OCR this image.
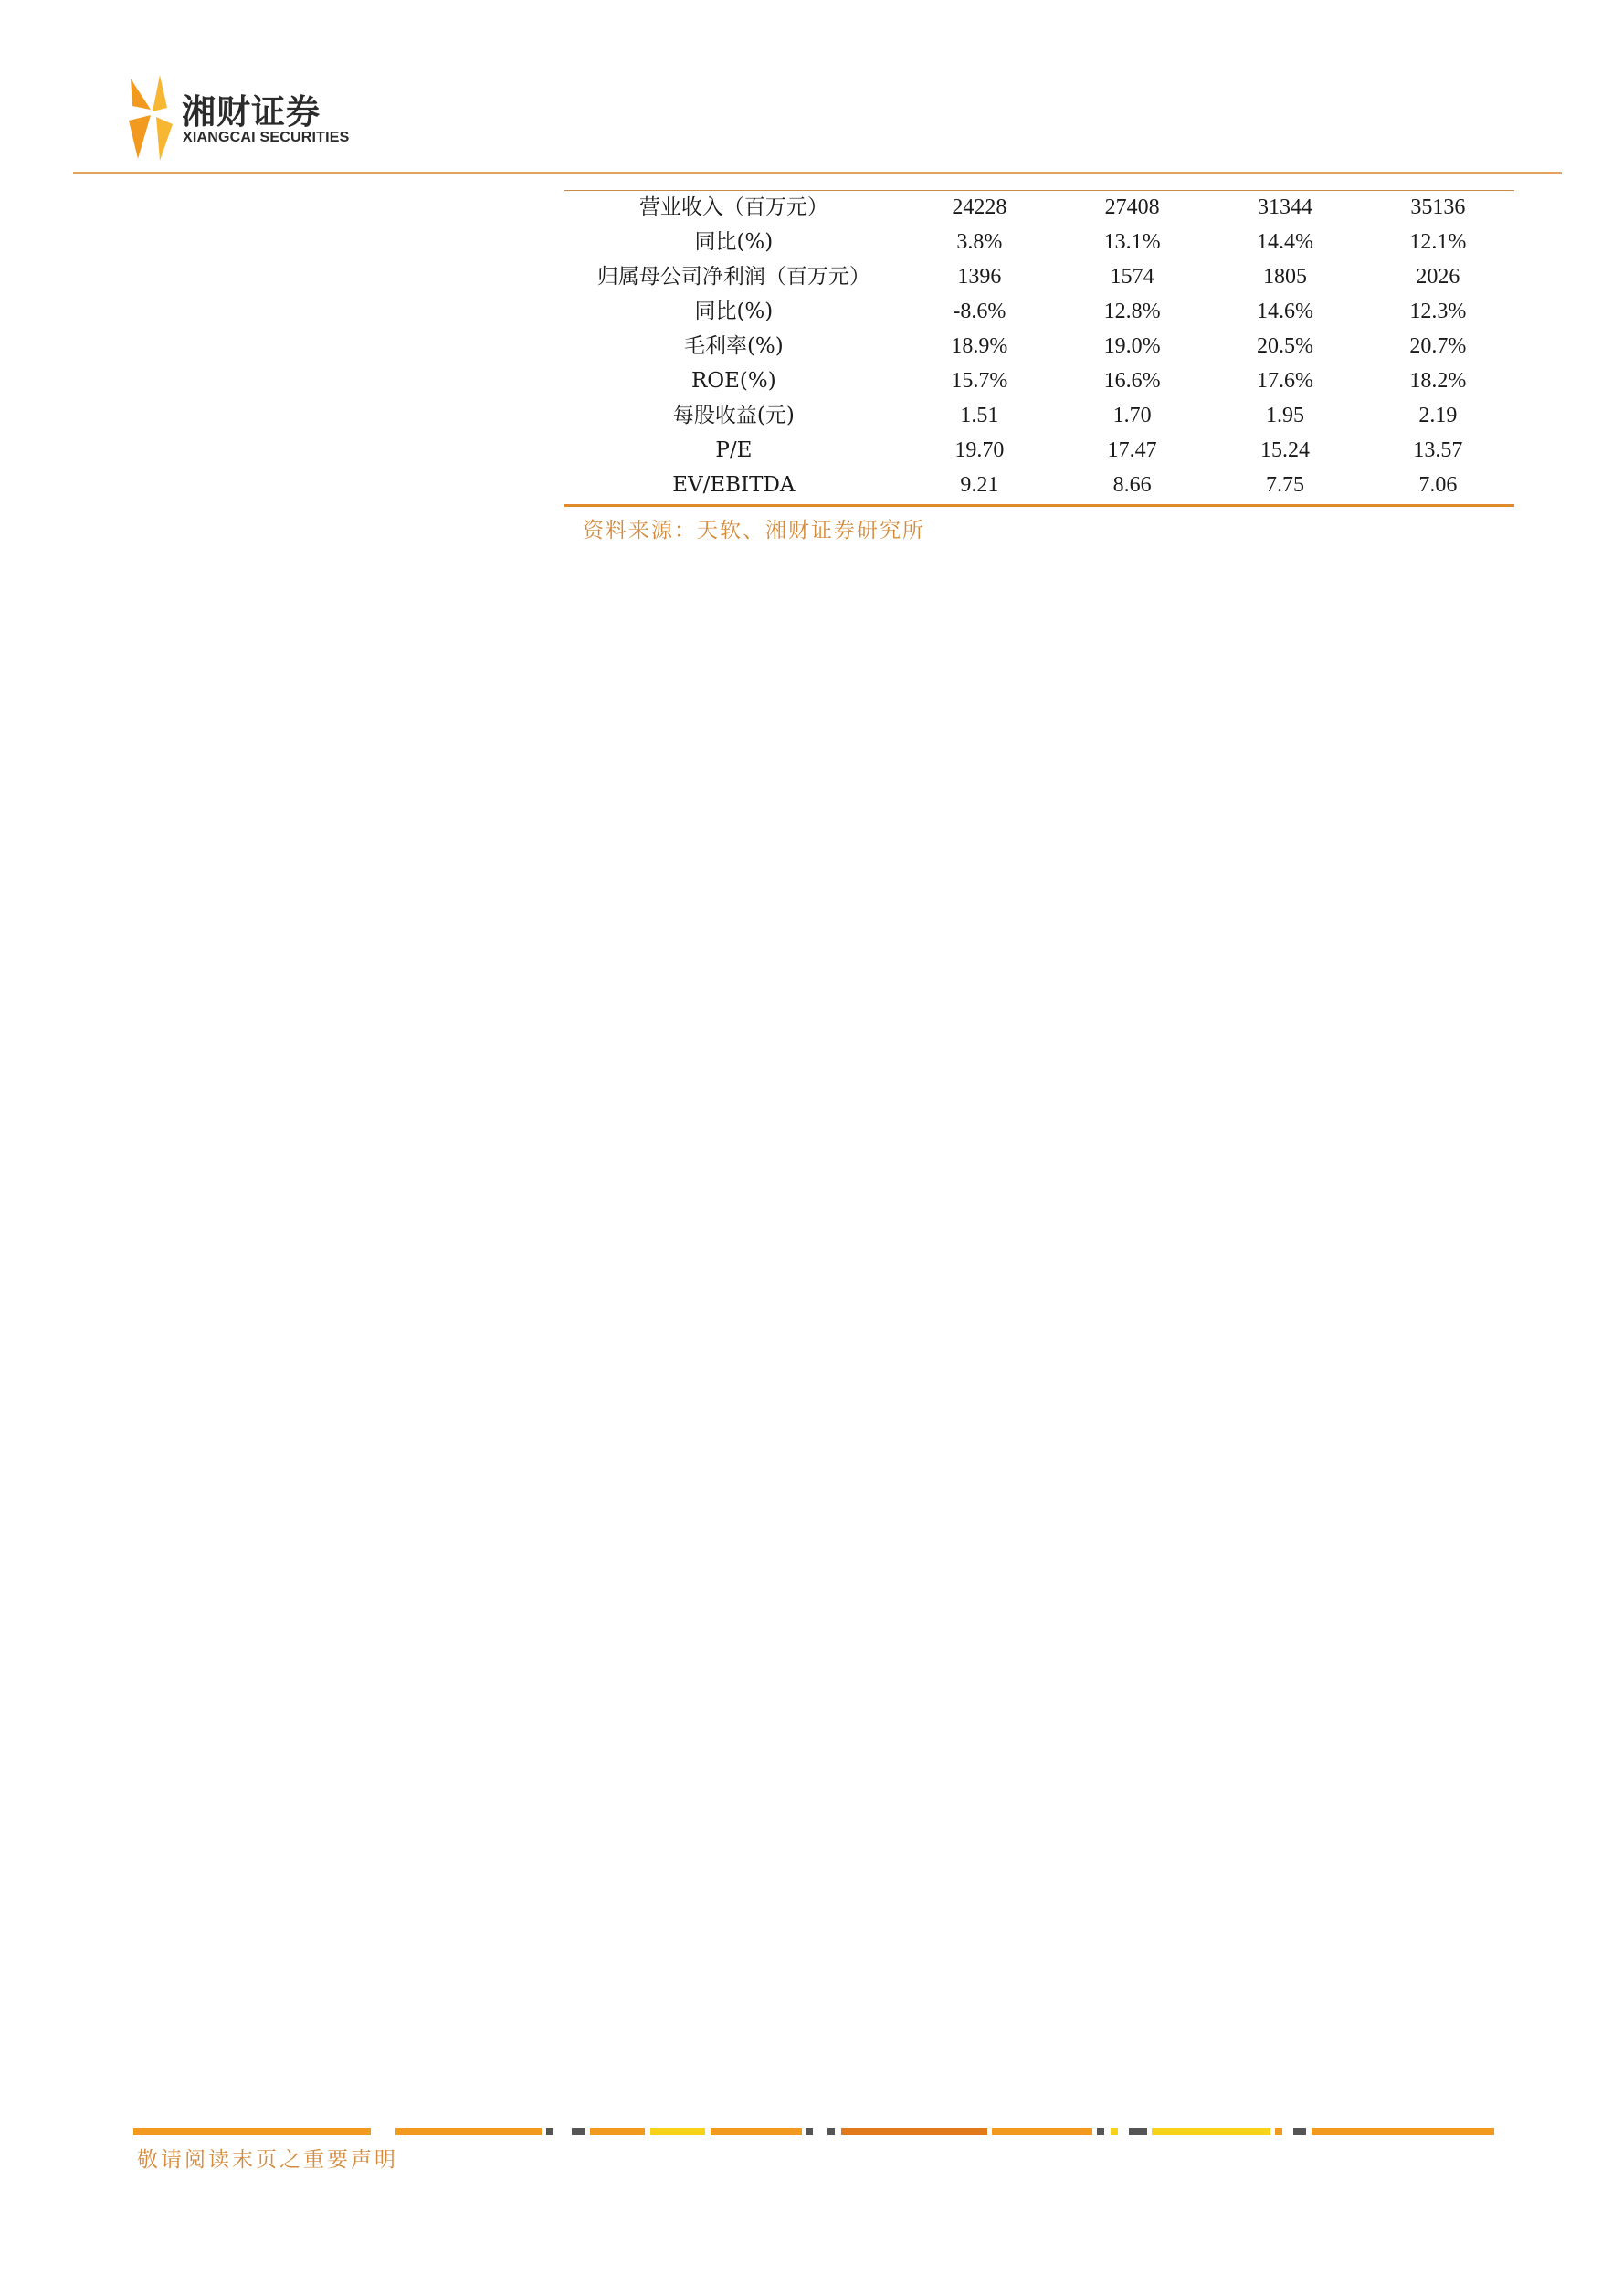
湘财证券
XIANGCAI SECURITIES
营业收入（百万元）	24228	27408	31344	35136
同比(%)	3.8%	13.1%	14.4%	12.1%
归属母公司净利润（百万元）	1396	1574	1805	2026
同比(%)	-8.6%	12.8%	14.6%	12.3%
毛利率(%)	18.9%	19.0%	20.5%	20.7%
ROE(%)	15.7%	16.6%	17.6%	18.2%
每股收益(元)	1.51	1.70	1.95	2.19
P/E	19.70	17.47	15.24	13.57
EV/EBITDA	9.21	8.66	7.75	7.06
资料来源：天软、湘财证券研究所
敬请阅读末页之重要声明
